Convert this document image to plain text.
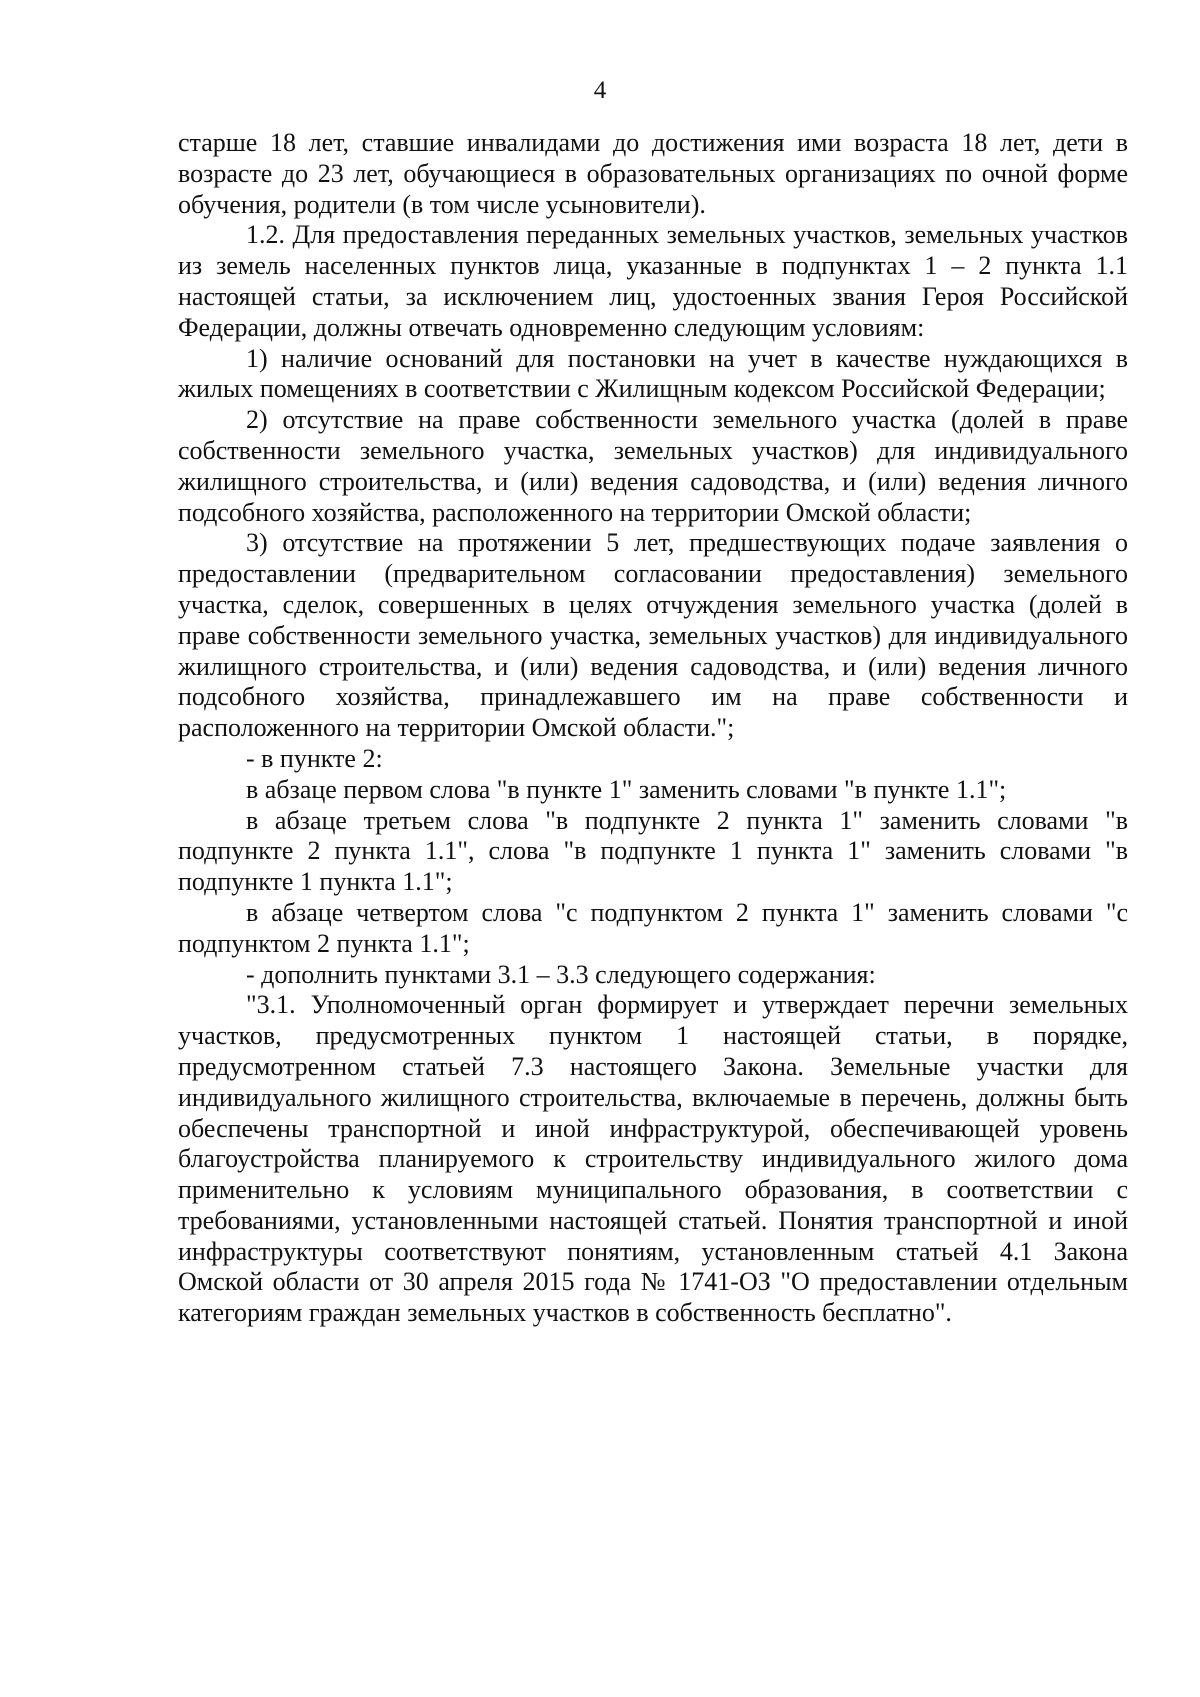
4

старше 18 лет, ставшие инвалидами до достижения ими возраста 18 лет, дети в возрасте до 23 лет, обучающиеся в образовательных организациях по очной форме обучения, родители (в том числе усыновители).

1.2. Для предоставления переданных земельных участков, земельных участков из земель населенных пунктов лица, указанные в подпунктах 1 – 2 пункта 1.1 настоящей статьи, за исключением лиц, удостоенных звания Героя Российской Федерации, должны отвечать одновременно следующим условиям:

1) наличие оснований для постановки на учет в качестве нуждающихся в жилых помещениях в соответствии с Жилищным кодексом Российской Федерации;

2) отсутствие на праве собственности земельного участка (долей в праве собственности земельного участка, земельных участков) для индивидуального жилищного строительства, и (или) ведения садоводства, и (или) ведения личного подсобного хозяйства, расположенного на территории Омской области;

3) отсутствие на протяжении 5 лет, предшествующих подаче заявления о предоставлении (предварительном согласовании предоставления) земельного участка, сделок, совершенных в целях отчуждения земельного участка (долей в праве собственности земельного участка, земельных участков) для индивидуального жилищного строительства, и (или) ведения садоводства, и (или) ведения личного подсобного хозяйства, принадлежавшего им на праве собственности и расположенного на территории Омской области.";

- в пункте 2:

в абзаце первом слова "в пункте 1" заменить словами "в пункте 1.1";

в абзаце третьем слова "в подпункте 2 пункта 1" заменить словами "в подпункте 2 пункта 1.1", слова "в подпункте 1 пункта 1" заменить словами "в подпункте 1 пункта 1.1";

в абзаце четвертом слова "с подпунктом 2 пункта 1" заменить словами "с подпунктом 2 пункта 1.1";

- дополнить пунктами 3.1 – 3.3 следующего содержания:

"3.1. Уполномоченный орган формирует и утверждает перечни земельных участков, предусмотренных пунктом 1 настоящей статьи, в порядке, предусмотренном статьей 7.3 настоящего Закона. Земельные участки для индивидуального жилищного строительства, включаемые в перечень, должны быть обеспечены транспортной и иной инфраструктурой, обеспечивающей уровень благоустройства планируемого к строительству индивидуального жилого дома применительно к условиям муниципального образования, в соответствии с требованиями, установленными настоящей статьей. Понятия транспортной и иной инфраструктуры соответствуют понятиям, установленным статьей 4.1 Закона Омской области от 30 апреля 2015 года № 1741-ОЗ "О предоставлении отдельным категориям граждан земельных участков в собственность бесплатно".
